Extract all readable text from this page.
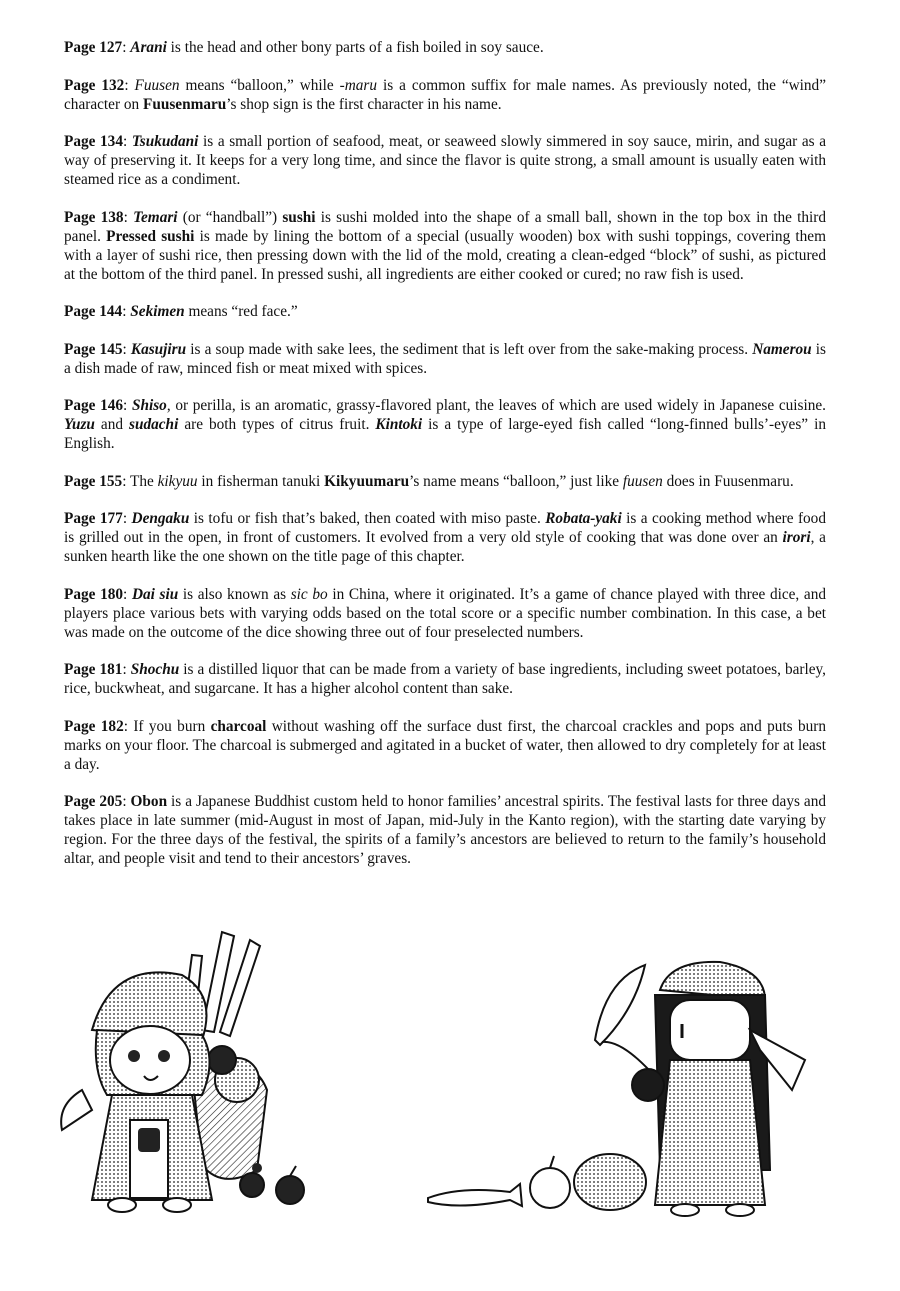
Page 127: Arani is the head and other bony parts of a fish boiled in soy sauce.

Page 132: Fuusen means “balloon,” while -maru is a common suffix for male names. As previously noted, the “wind” character on Fuusenmaru’s shop sign is the first character in his name.

Page 134: Tsukudani is a small portion of seafood, meat, or seaweed slowly simmered in soy sauce, mirin, and sugar as a way of preserving it. It keeps for a very long time, and since the flavor is quite strong, a small amount is usually eaten with steamed rice as a condiment.

Page 138: Temari (or “handball”) sushi is sushi molded into the shape of a small ball, shown in the top box in the third panel. Pressed sushi is made by lining the bottom of a special (usually wooden) box with sushi toppings, covering them with a layer of sushi rice, then pressing down with the lid of the mold, creating a clean-edged “block” of sushi, as pictured at the bottom of the third panel. In pressed sushi, all ingredients are either cooked or cured; no raw fish is used.

Page 144: Sekimen means “red face.”

Page 145: Kasujiru is a soup made with sake lees, the sediment that is left over from the sake-making process. Namerou is a dish made of raw, minced fish or meat mixed with spices.

Page 146: Shiso, or perilla, is an aromatic, grassy-flavored plant, the leaves of which are used widely in Japanese cuisine. Yuzu and sudachi are both types of citrus fruit. Kintoki is a type of large-eyed fish called “long-finned bulls’-eyes” in English.

Page 155: The kikyuu in fisherman tanuki Kikyuumaru’s name means “balloon,” just like fuusen does in Fuusenmaru.

Page 177: Dengaku is tofu or fish that’s baked, then coated with miso paste. Robata-yaki is a cooking method where food is grilled out in the open, in front of customers. It evolved from a very old style of cooking that was done over an irori, a sunken hearth like the one shown on the title page of this chapter.

Page 180: Dai siu is also known as sic bo in China, where it originated. It’s a game of chance played with three dice, and players place various bets with varying odds based on the total score or a specific number combination. In this case, a bet was made on the outcome of the dice showing three out of four preselected numbers.

Page 181: Shochu is a distilled liquor that can be made from a variety of base ingredients, including sweet potatoes, barley, rice, buckwheat, and sugarcane. It has a higher alcohol content than sake.

Page 182: If you burn charcoal without washing off the surface dust first, the charcoal crackles and pops and puts burn marks on your floor. The charcoal is submerged and agitated in a bucket of water, then allowed to dry completely for at least a day.

Page 205: Obon is a Japanese Buddhist custom held to honor families’ ancestral spirits. The festival lasts for three days and takes place in late summer (mid-August in most of Japan, mid-July in the Kanto region), with the starting date varying by region. For the three days of the festival, the spirits of a family’s ancestors are believed to return to the family’s household altar, and people visit and tend to their ancestors’ graves.
